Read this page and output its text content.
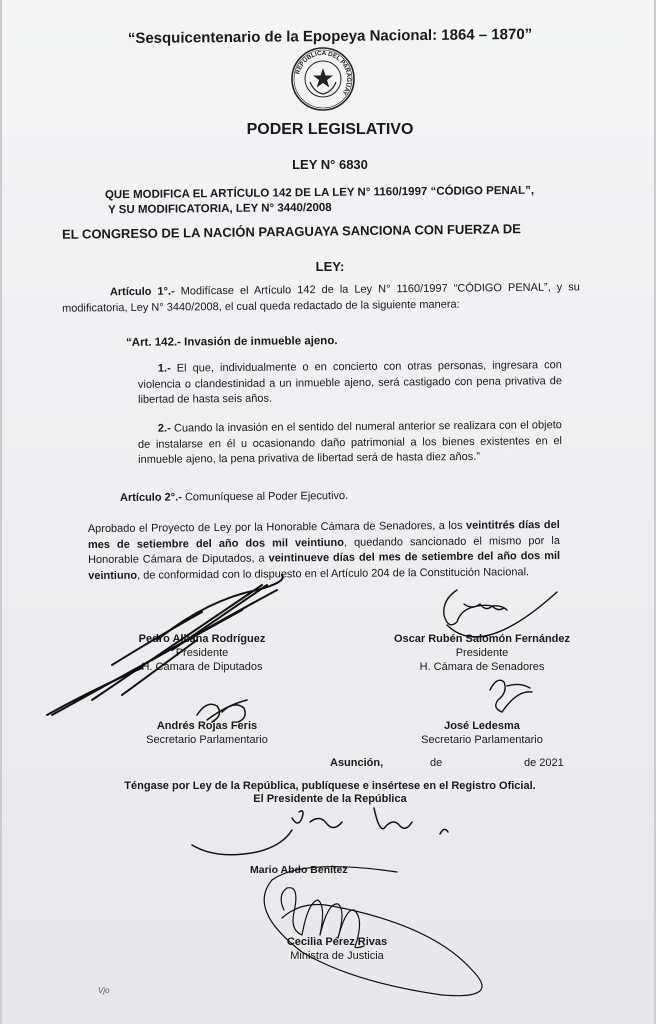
“Sesquicentenario de la Epopeya Nacional: 1864 – 1870”
REPÚBLICA DEL PARAGUAY
PODER LEGISLATIVO
LEY N° 6830
QUE MODIFICA EL ARTÍCULO 142 DE LA LEY N° 1160/1997 “CÓDIGO PENAL”,
Y SU MODIFICATORIA, LEY N° 3440/2008
EL CONGRESO DE LA NACIÓN PARAGUAYA SANCIONA CON FUERZA DE
LEY:
Artículo 1°.- Modifícase el Artículo 142 de la Ley N° 1160/1997 “CÓDIGO PENAL”, y su modificatoria, Ley N° 3440/2008, el cual queda redactado de la siguiente manera:
“Art. 142.- Invasión de inmueble ajeno.
1.- El que, individualmente o en concierto con otras personas, ingresara con violencia o clandestinidad a un inmueble ajeno, será castigado con pena privativa de libertad de hasta seis años.
2.- Cuando la invasión en el sentido del numeral anterior se realizara con el objeto de instalarse en él u ocasionando daño patrimonial a los bienes existentes en el inmueble ajeno, la pena privativa de libertad será de hasta diez años.”
Artículo 2°.- Comuníquese al Poder Ejecutivo.
Aprobado el Proyecto de Ley por la Honorable Cámara de Senadores, a los veintitrés días del mes de setiembre del año dos mil veintiuno, quedando sancionado el mismo por la Honorable Cámara de Diputados, a veintinueve días del mes de setiembre del año dos mil veintiuno, de conformidad con lo dispuesto en el Artículo 204 de la Constitución Nacional.
Pedro Alliana Rodríguez
Presidente
H. Cámara de Diputados
Oscar Rubén Salomón Fernández
Presidente
H. Cámara de Senadores
Andrés Rojas Feris
Secretario Parlamentario
José Ledesma
Secretario Parlamentario
Asunción,	de	de 2021
Téngase por Ley de la República, publíquese e insértese en el Registro Oficial.
El Presidente de la República
Mario Abdo Benítez
Cecilia Pérez Rivas
Ministra de Justicia
Vjo
